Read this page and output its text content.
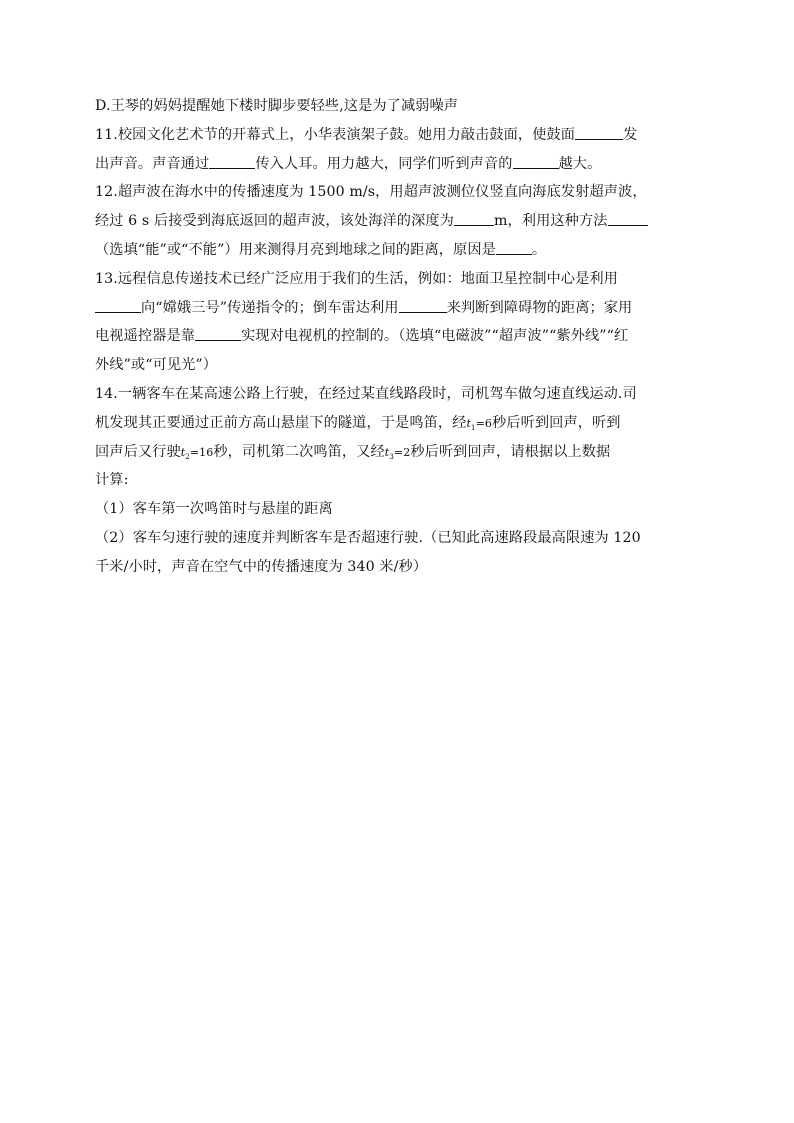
D.王琴的妈妈提醒她下楼时脚步要轻些,这是为了减弱噪声
11.校园文化艺术节的开幕式上，小华表演架子鼓。她用力敲击鼓面，使鼓面	发
出声音。声音通过	传入人耳。用力越大，同学们听到声音的	越大。
12.超声波在海水中的传播速度为 1500 m/s，用超声波测位仪竖直向海底发射超声波，
经过 6 s 后接受到海底返回的超声波，该处海洋的深度为	m，利用这种方法
（选填“能”或“不能”）用来测得月亮到地球之间的距离，原因是	。
13.远程信息传递技术已经广泛应用于我们的生活，例如：地面卫星控制中心是利用
向“嫦娥三号”传递指令的；倒车雷达利用	来判断到障碍物的距离；家用
电视遥控器是靠	实现对电视机的控制的。（选填“电磁波”“超声波”“紫外线”“红
外线”或“可见光”）
14.一辆客车在某高速公路上行驶，在经过某直线路段时，司机驾车做匀速直线运动.司
机发现其正要通过正前方高山悬崖下的隧道，于是鸣笛，经$t_1=6$秒后听到回声，听到
回声后又行驶$t_2=16$秒，司机第二次鸣笛，又经$t_3=2$秒后听到回声，请根据以上数据
计算:
（1）客车第一次鸣笛时与悬崖的距离
（2）客车匀速行驶的速度并判断客车是否超速行驶.（已知此高速路段最高限速为 120
千米/小时，声音在空气中的传播速度为 340 米/秒）
